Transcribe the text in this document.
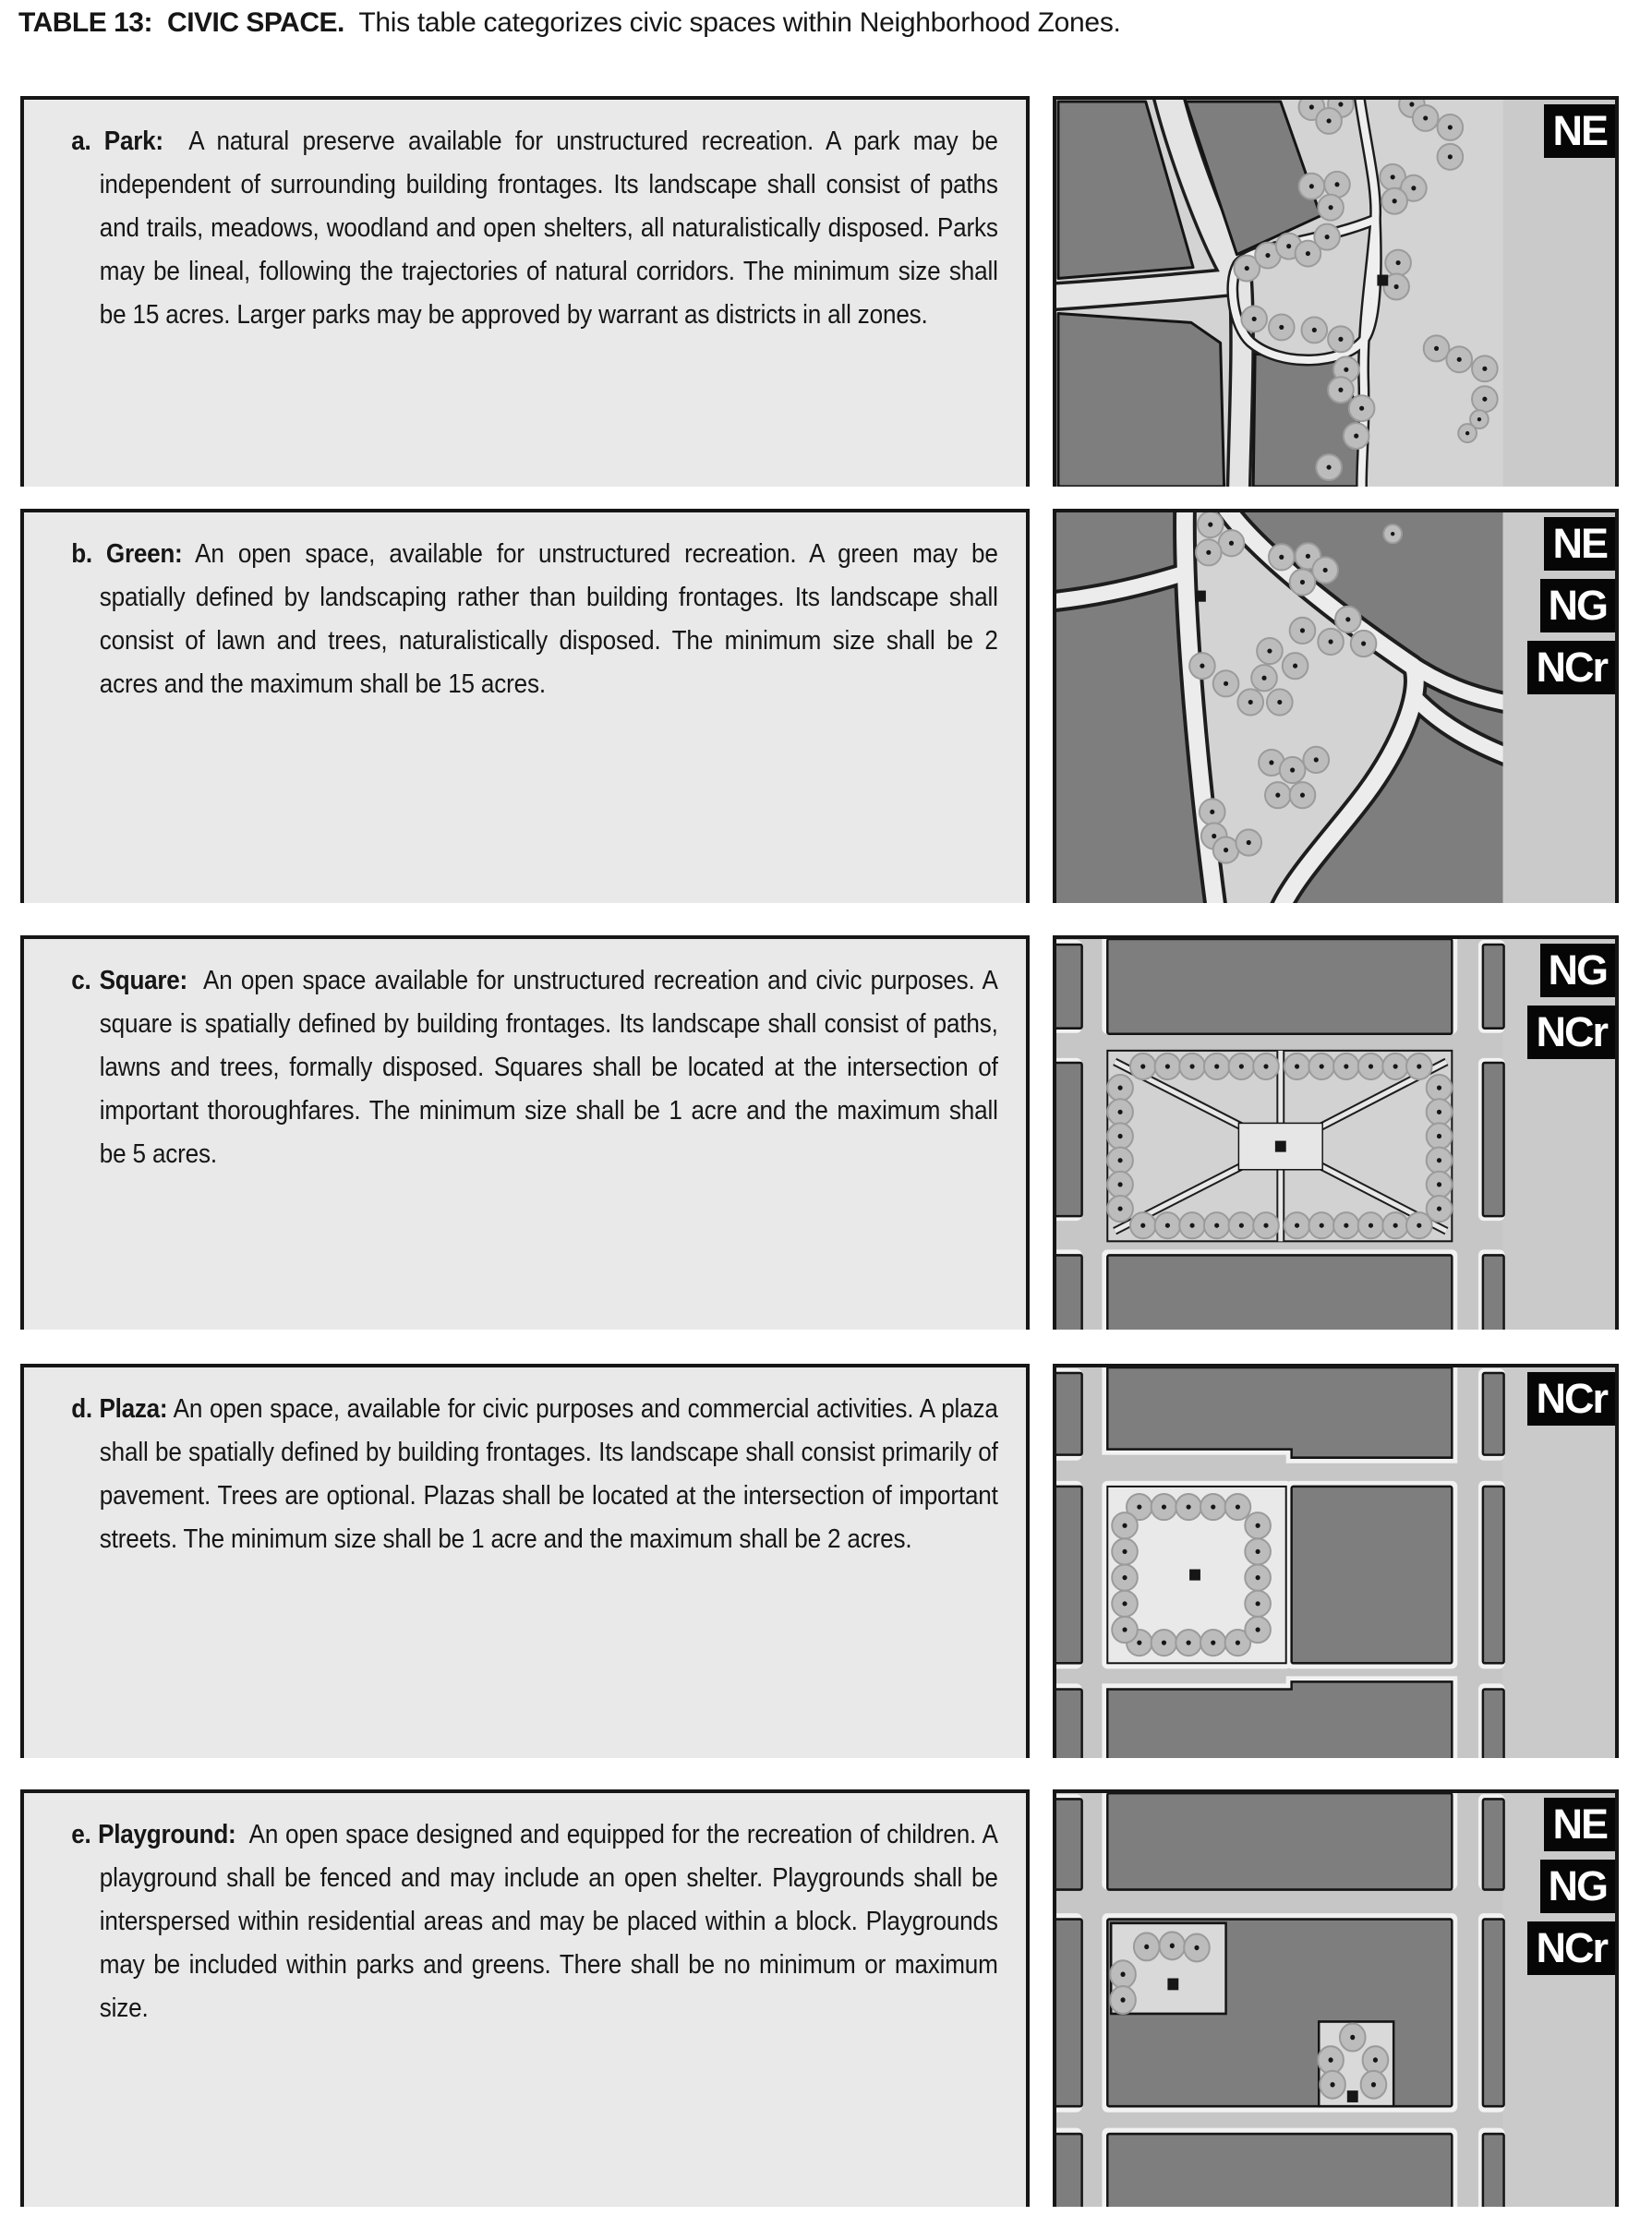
TABLE 13: CIVIC SPACE. This table categorizes civic spaces within Neighborhood Zones.

a. Park: A natural preserve available for unstructured recreation. A park may be independent of surrounding building frontages. Its landscape shall consist of paths and trails, meadows, woodland and open shelters, all naturalistically disposed. Parks may be lineal, following the trajectories of natural corridors. The minimum size shall be 15 acres. Larger parks may be approved by warrant as districts in all zones.

NE

b. Green: An open space, available for unstructured recreation. A green may be spatially defined by landscaping rather than building frontages. Its landscape shall consist of lawn and trees, naturalistically disposed. The minimum size shall be 2 acres and the maximum shall be 15 acres.

NE
NG
NCr

c. Square: An open space available for unstructured recreation and civic purposes. A square is spatially defined by building frontages. Its landscape shall consist of paths, lawns and trees, formally disposed. Squares shall be located at the intersection of important thoroughfares. The minimum size shall be 1 acre and the maximum shall be 5 acres.

NG
NCr

d. Plaza: An open space, available for civic purposes and commercial activities. A plaza shall be spatially defined by building frontages. Its landscape shall consist primarily of pavement. Trees are optional. Plazas shall be located at the intersection of important streets. The minimum size shall be 1 acre and the maximum shall be 2 acres.

NCr

e. Playground: An open space designed and equipped for the recreation of children. A playground shall be fenced and may include an open shelter. Playgrounds shall be interspersed within residential areas and may be placed within a block. Playgrounds may be included within parks and greens. There shall be no minimum or maximum size.

NE
NG
NCr
